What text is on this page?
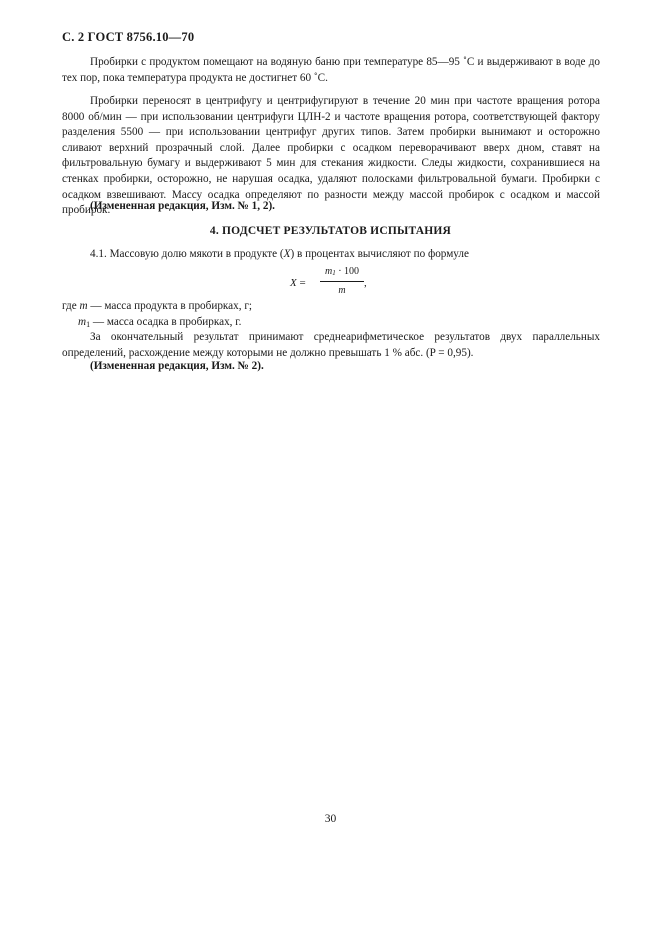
С. 2 ГОСТ 8756.10—70
Пробирки с продуктом помещают на водяную баню при температуре 85—95 ˚С и выдерживают в воде до тех пор, пока температура продукта не достигнет 60 ˚С.
Пробирки переносят в центрифугу и центрифугируют в течение 20 мин при частоте вращения ротора 8000 об/мин — при использовании центрифуги ЦЛН-2 и частоте вращения ротора, соответствующей фактору разделения 5500 — при использовании центрифуг других типов. Затем пробирки вынимают и осторожно сливают верхний прозрачный слой. Далее пробирки с осадком переворачивают вверх дном, ставят на фильтровальную бумагу и выдерживают 5 мин для стекания жидкости. Следы жидкости, сохранившиеся на стенках пробирки, осторожно, не нарушая осадка, удаляют полосками фильтровальной бумаги. Пробирки с осадком взвешивают. Массу осадка определяют по разности между массой пробирок с осадком и массой пробирок.
(Измененная редакция, Изм. № 1, 2).
4. ПОДСЧЕТ РЕЗУЛЬТАТОВ ИСПЫТАНИЯ
4.1. Массовую долю мякоти в продукте (X) в процентах вычисляют по формуле
X =
m1 · 100
m
,
где m — масса продукта в пробирках, г;
m1 — масса осадка в пробирках, г.
За окончательный результат принимают среднеарифметическое результатов двух параллельных определений, расхождение между которыми не должно превышать 1 % абс. (P = 0,95).
(Измененная редакция, Изм. № 2).
30
